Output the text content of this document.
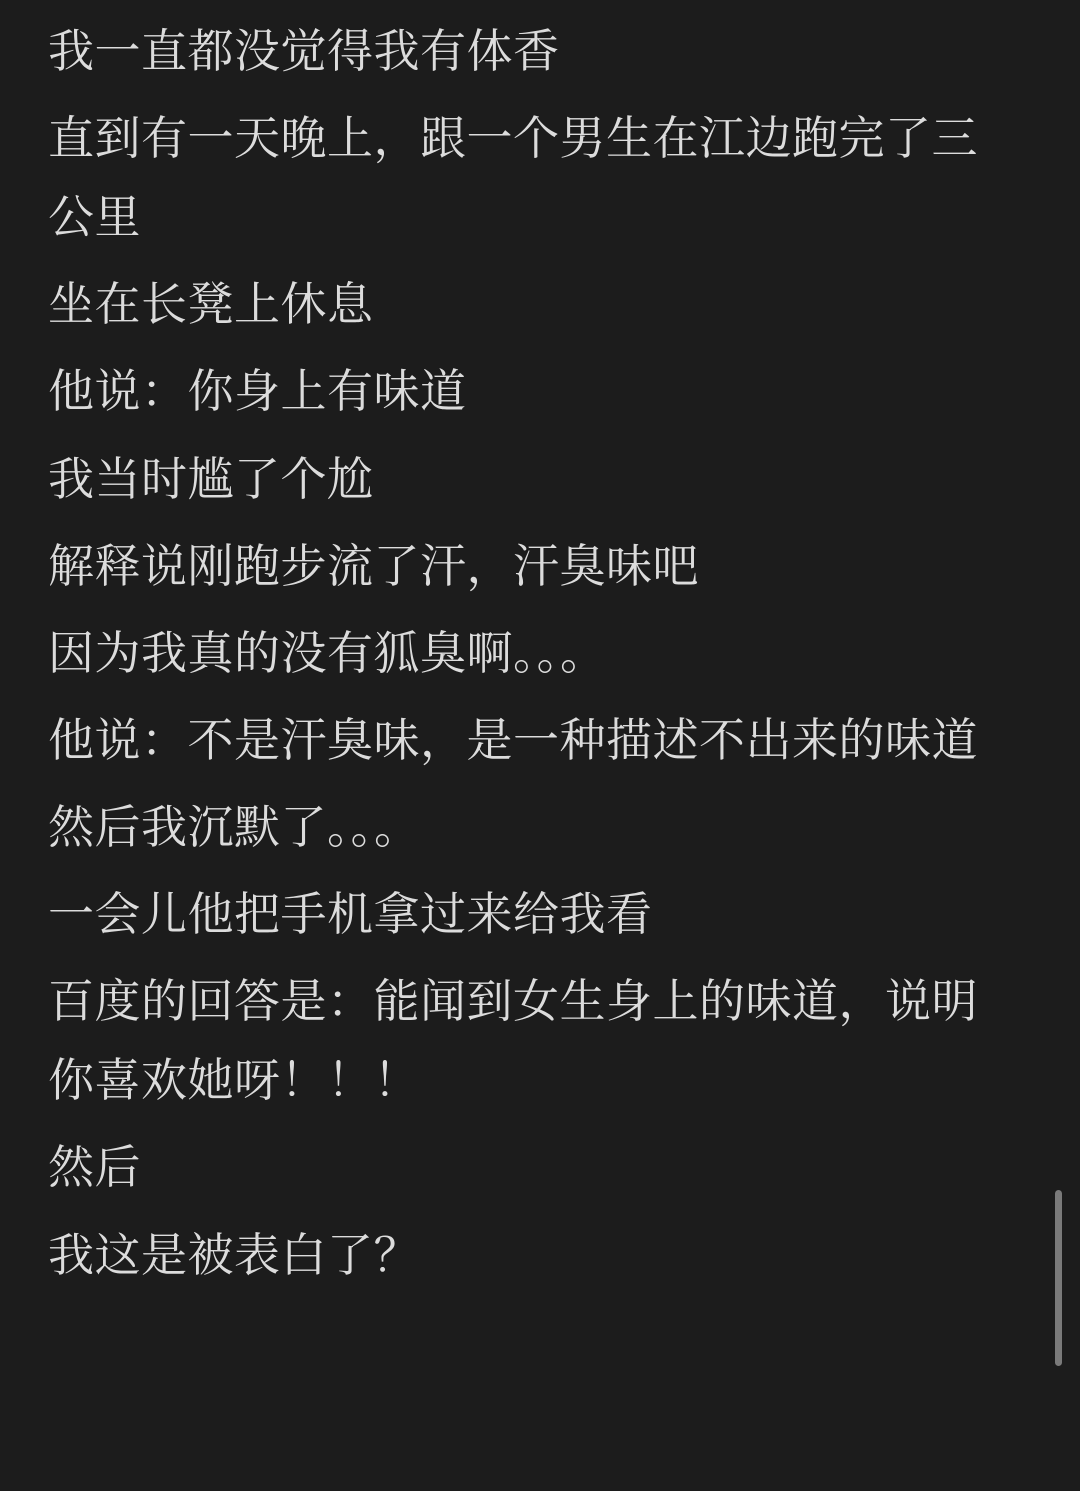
我一直都没觉得我有体香

直到有一天晚上，跟一个男生在江边跑完了三公里

坐在长凳上休息

他说：你身上有味道

我当时尴了个尬

解释说刚跑步流了汗，汗臭味吧

因为我真的没有狐臭啊。。。

他说：不是汗臭味，是一种描述不出来的味道

然后我沉默了。。。

一会儿他把手机拿过来给我看

百度的回答是：能闻到女生身上的味道，说明你喜欢她呀！！！

然后

我这是被表白了？
